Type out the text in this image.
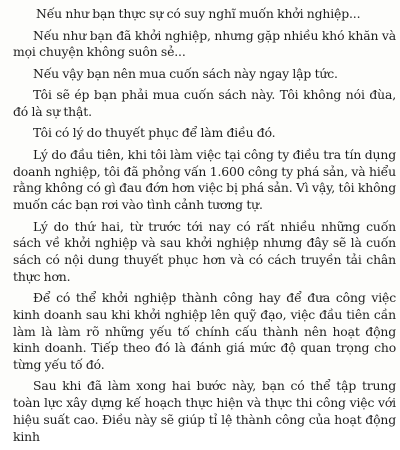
Nếu như bạn thực sự có suy nghĩ muốn khởi nghiệp...

Nếu như bạn đã khởi nghiệp, nhưng gặp nhiều khó khăn và mọi chuyện không suôn sẻ...

Nếu vậy bạn nên mua cuốn sách này ngay lập tức.

Tôi sẽ ép bạn phải mua cuốn sách này. Tôi không nói đùa, đó là sự thật.

Tôi có lý do thuyết phục để làm điều đó.

Lý do đầu tiên, khi tôi làm việc tại công ty điều tra tín dụng doanh nghiệp, tôi đã phỏng vấn 1.600 công ty phá sản, và hiểu rằng không có gì đau đớn hơn việc bị phá sản. Vì vậy, tôi không muốn các bạn rơi vào tình cảnh tương tự.

Lý do thứ hai, từ trước tới nay có rất nhiều những cuốn sách về khởi nghiệp và sau khởi nghiệp nhưng đây sẽ là cuốn sách có nội dung thuyết phục hơn và có cách truyền tải chân thực hơn.

Để có thể khởi nghiệp thành công hay để đưa công việc kinh doanh sau khi khởi nghiệp lên quỹ đạo, việc đầu tiên cần làm là làm rõ những yếu tố chính cấu thành nên hoạt động kinh doanh. Tiếp theo đó là đánh giá mức độ quan trọng cho từng yếu tố đó.

Sau khi đã làm xong hai bước này, bạn có thể tập trung toàn lực xây dựng kế hoạch thực hiện và thực thi công việc với hiệu suất cao. Điều này sẽ giúp tỉ lệ thành công của hoạt động kinh
